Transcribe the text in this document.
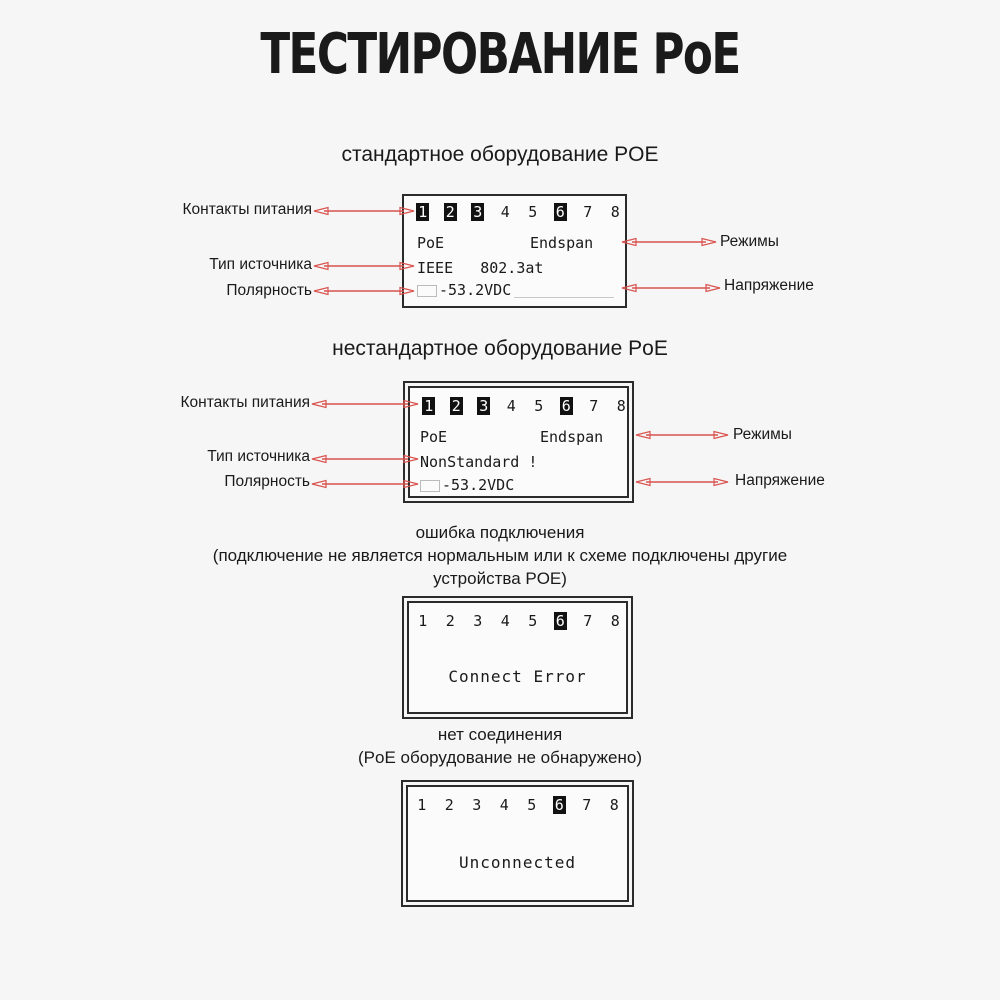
ТЕСТИРОВАНИЕ PoE
стандартное оборудование POE
1	2	3	4	5	6	7	8
PoE	Endspan
IEEE   802.3at
-53.2VDC
Контакты питания
Тип источника
Полярность
Режимы
Напряжение
нестандартное оборудование PoE
1	2	3	4	5	6	7	8
PoE	Endspan
NonStandard !
-53.2VDC
Контакты питания
Тип источника
Полярность
Режимы
Напряжение
ошибка подключения
(подключение не является нормальным или к схеме подключены другие
устройства POE)
1	2	3	4	5	6	7	8
Connect Error
нет соединения
(PoE оборудование не обнаружено)
1	2	3	4	5	6	7	8
Unconnected
